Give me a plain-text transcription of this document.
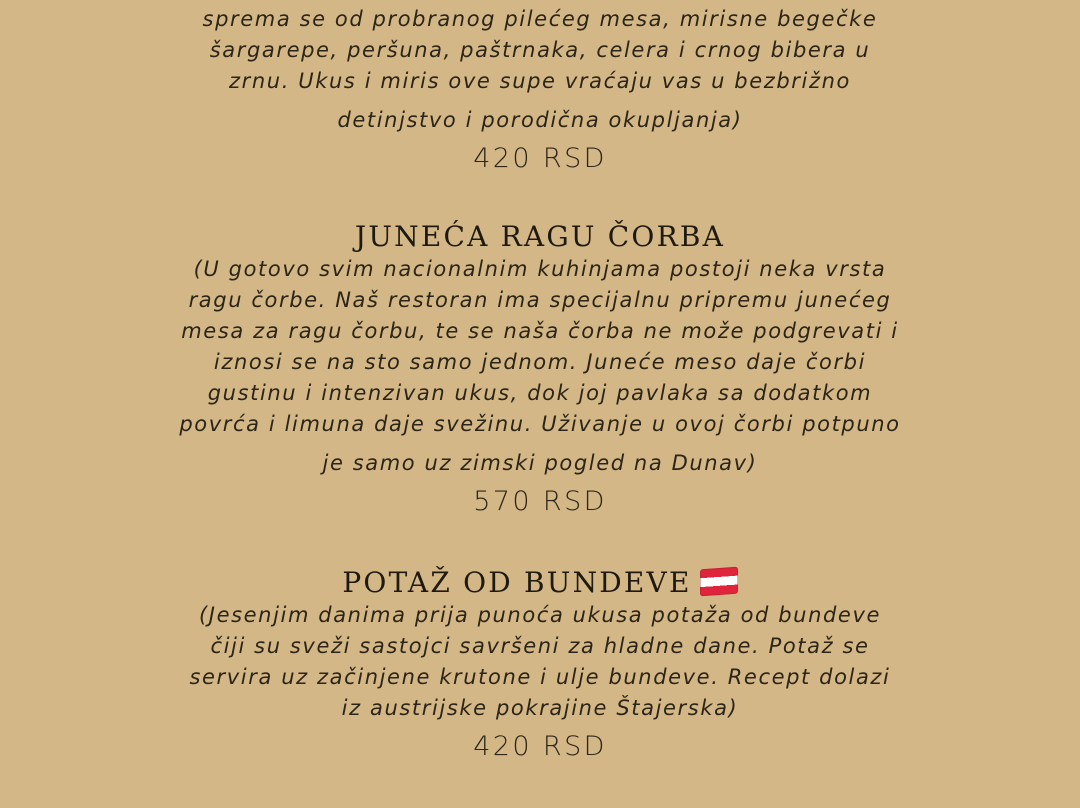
sprema se od probranog pilećeg mesa, mirisne begečke
šargarepe, peršuna, paštrnaka, celera i crnog bibera u
zrnu. Ukus i miris ove supe vraćaju vas u bezbrižno
detinjstvo i porodična okupljanja)
420 RSD
JUNEĆA RAGU ČORBA
(U gotovo svim nacionalnim kuhinjama postoji neka vrsta
ragu čorbe. Naš restoran ima specijalnu pripremu junećeg
mesa za ragu čorbu, te se naša čorba ne može podgrevati i
iznosi se na sto samo jednom. Juneće meso daje čorbi
gustinu i intenzivan ukus, dok joj pavlaka sa dodatkom
povrća i limuna daje svežinu. Uživanje u ovoj čorbi potpuno
je samo uz zimski pogled na Dunav)
570 RSD
POTAŽ OD BUNDEVE
(Jesenjim danima prija punoća ukusa potaža od bundeve
čiji su sveži sastojci savršeni za hladne dane. Potaž se
servira uz začinjene krutone i ulje bundeve. Recept dolazi
iz austrijske pokrajine Štajerska)
420 RSD
